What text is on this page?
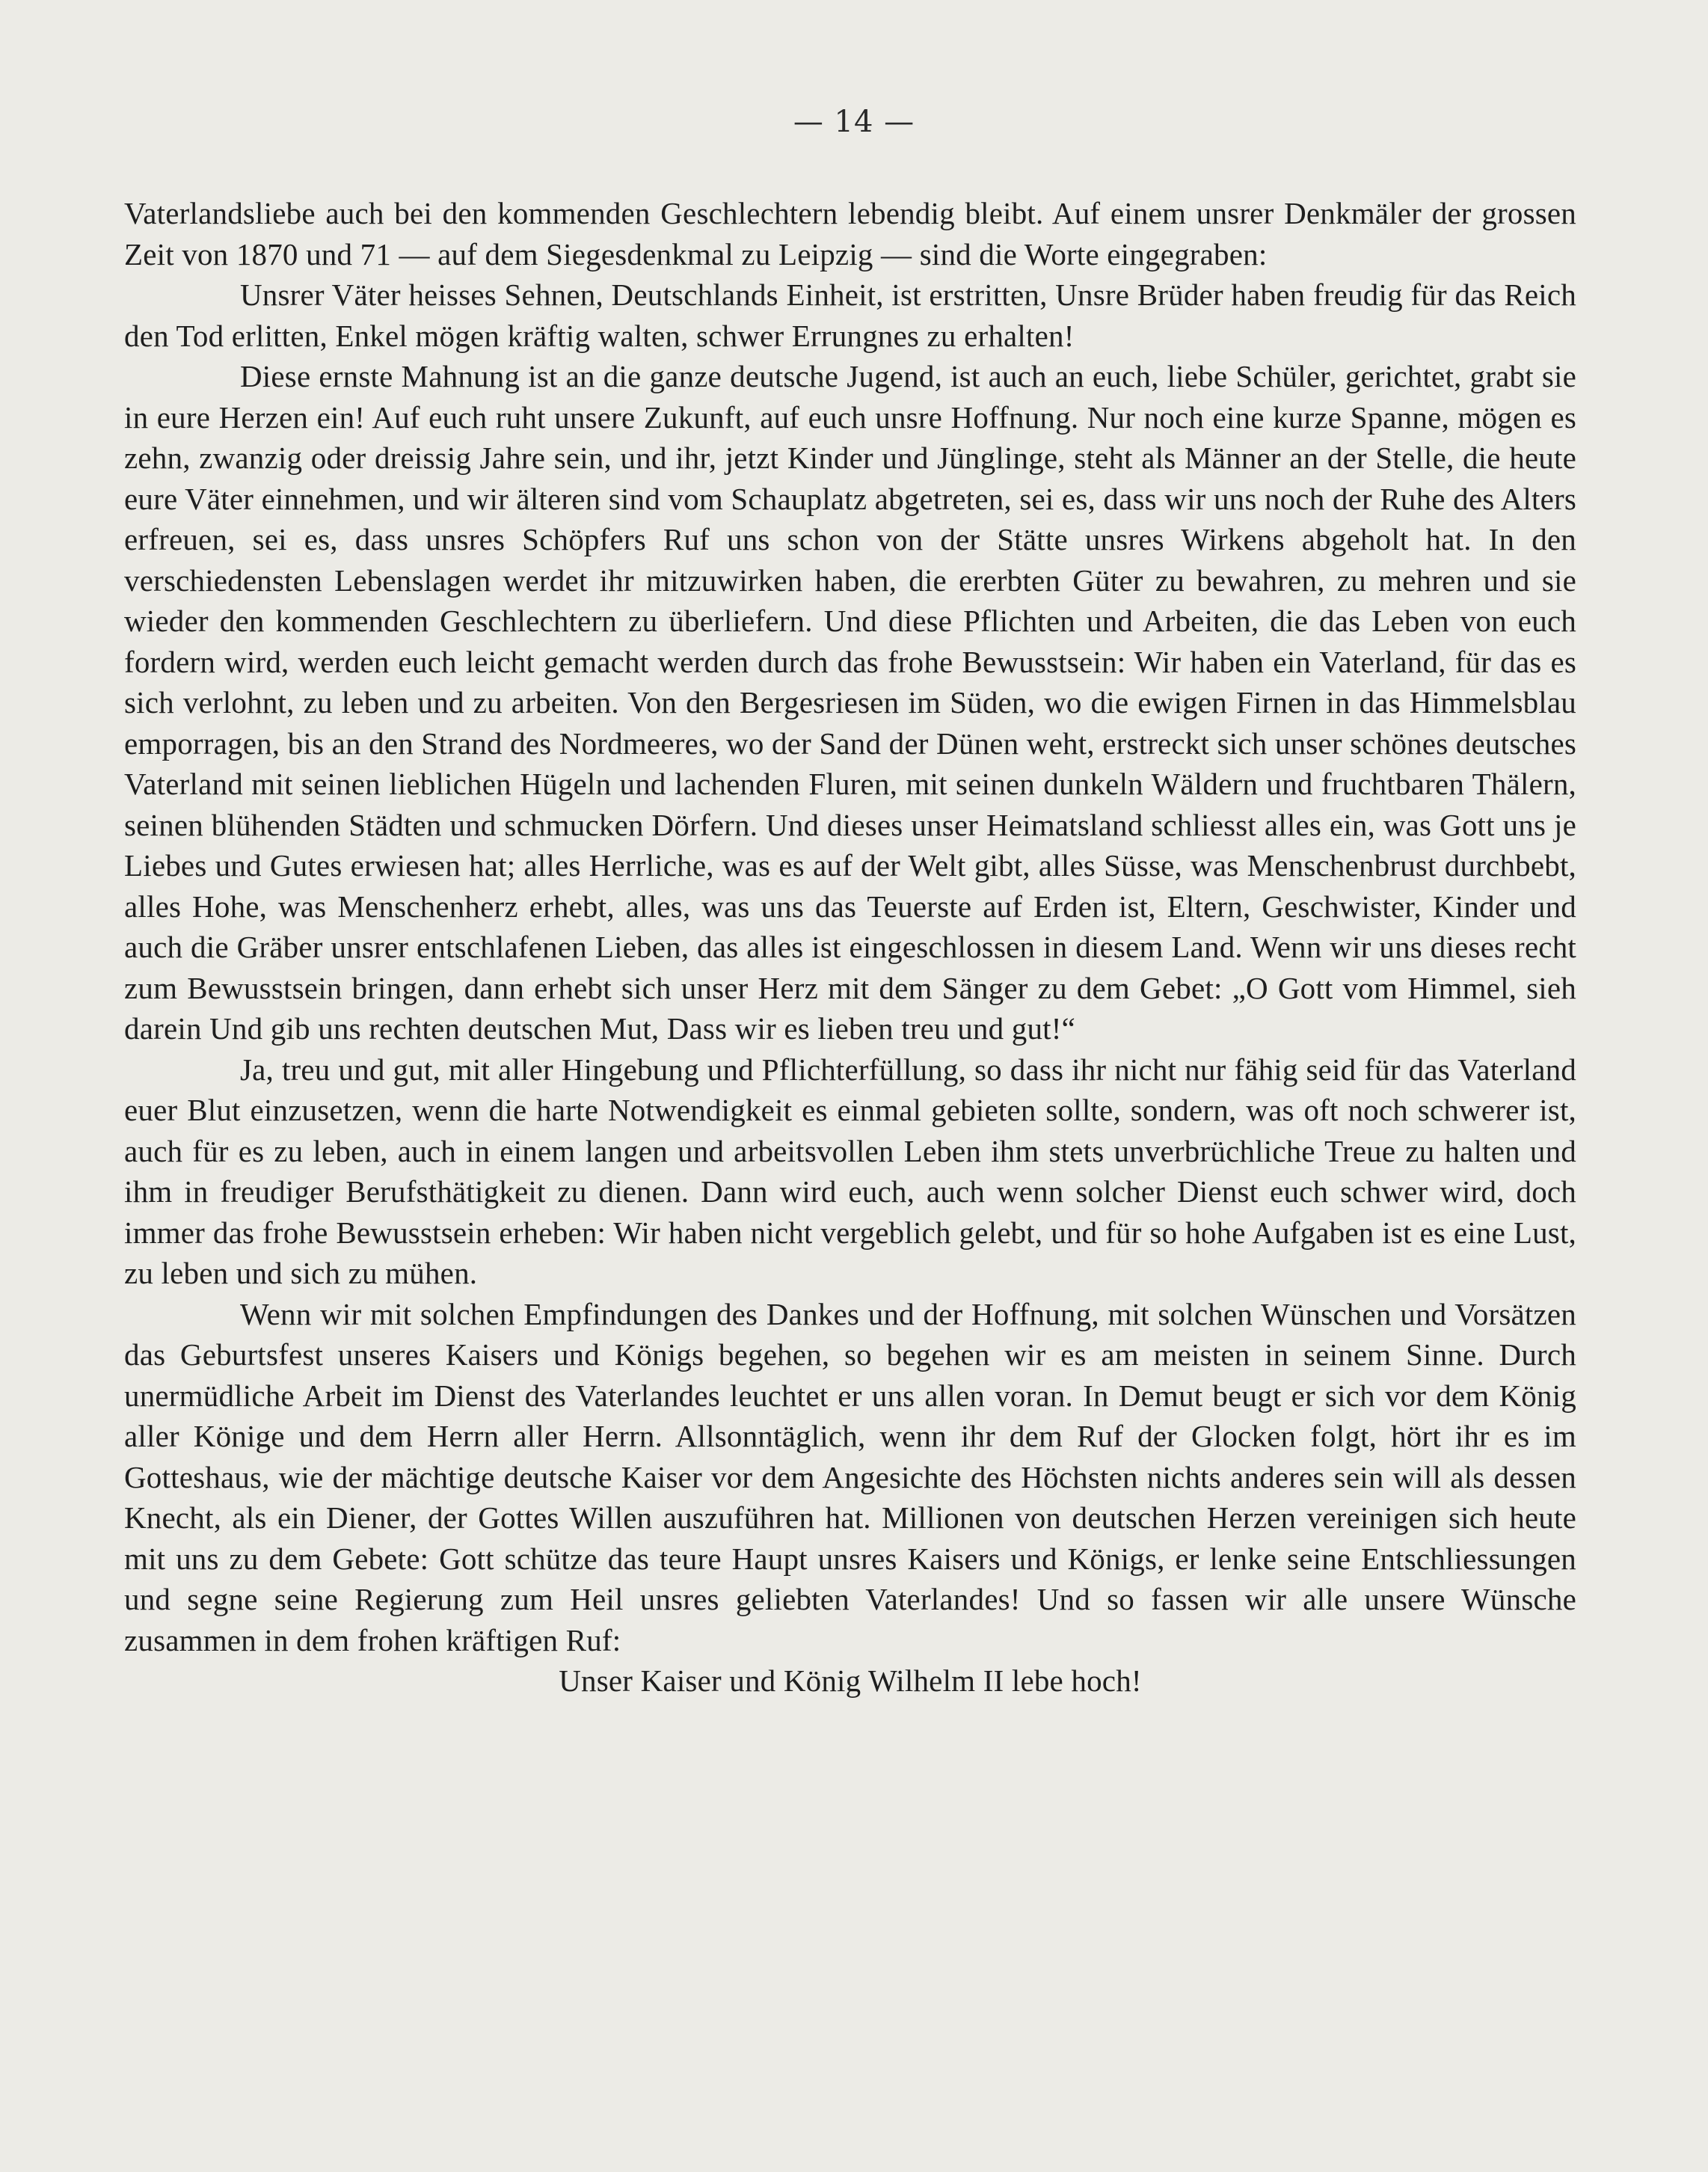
— 14 —

Vaterlandsliebe auch bei den kommenden Geschlechtern lebendig bleibt. Auf einem unsrer Denkmäler der grossen Zeit von 1870 und 71 — auf dem Siegesdenkmal zu Leipzig — sind die Worte eingegraben:

Unsrer Väter heisses Sehnen, Deutschlands Einheit, ist erstritten, Unsre Brüder haben freudig für das Reich den Tod erlitten, Enkel mögen kräftig walten, schwer Errungnes zu erhalten!

Diese ernste Mahnung ist an die ganze deutsche Jugend, ist auch an euch, liebe Schüler, gerichtet, grabt sie in eure Herzen ein! Auf euch ruht unsere Zukunft, auf euch unsre Hoffnung. Nur noch eine kurze Spanne, mögen es zehn, zwanzig oder dreissig Jahre sein, und ihr, jetzt Kinder und Jünglinge, steht als Männer an der Stelle, die heute eure Väter einnehmen, und wir älteren sind vom Schauplatz abgetreten, sei es, dass wir uns noch der Ruhe des Alters erfreuen, sei es, dass unsres Schöpfers Ruf uns schon von der Stätte unsres Wirkens abgeholt hat. In den verschiedensten Lebenslagen werdet ihr mitzuwirken haben, die ererbten Güter zu bewahren, zu mehren und sie wieder den kommenden Geschlechtern zu überliefern. Und diese Pflichten und Arbeiten, die das Leben von euch fordern wird, werden euch leicht gemacht werden durch das frohe Bewusstsein: Wir haben ein Vaterland, für das es sich verlohnt, zu leben und zu arbeiten. Von den Bergesriesen im Süden, wo die ewigen Firnen in das Himmelsblau emporragen, bis an den Strand des Nordmeeres, wo der Sand der Dünen weht, erstreckt sich unser schönes deutsches Vaterland mit seinen lieblichen Hügeln und lachenden Fluren, mit seinen dunkeln Wäldern und fruchtbaren Thälern, seinen blühenden Städten und schmucken Dörfern. Und dieses unser Heimatsland schliesst alles ein, was Gott uns je Liebes und Gutes erwiesen hat; alles Herrliche, was es auf der Welt gibt, alles Süsse, was Menschenbrust durchbebt, alles Hohe, was Menschenherz erhebt, alles, was uns das Teuerste auf Erden ist, Eltern, Geschwister, Kinder und auch die Gräber unsrer entschlafenen Lieben, das alles ist eingeschlossen in diesem Land. Wenn wir uns dieses recht zum Bewusstsein bringen, dann erhebt sich unser Herz mit dem Sänger zu dem Gebet: „O Gott vom Himmel, sieh darein Und gib uns rechten deutschen Mut, Dass wir es lieben treu und gut!“

Ja, treu und gut, mit aller Hingebung und Pflichterfüllung, so dass ihr nicht nur fähig seid für das Vaterland euer Blut einzusetzen, wenn die harte Notwendigkeit es einmal gebieten sollte, sondern, was oft noch schwerer ist, auch für es zu leben, auch in einem langen und arbeitsvollen Leben ihm stets unverbrüchliche Treue zu halten und ihm in freudiger Berufsthätigkeit zu dienen. Dann wird euch, auch wenn solcher Dienst euch schwer wird, doch immer das frohe Bewusstsein erheben: Wir haben nicht vergeblich gelebt, und für so hohe Aufgaben ist es eine Lust, zu leben und sich zu mühen.

Wenn wir mit solchen Empfindungen des Dankes und der Hoffnung, mit solchen Wünschen und Vorsätzen das Geburtsfest unseres Kaisers und Königs begehen, so begehen wir es am meisten in seinem Sinne. Durch unermüdliche Arbeit im Dienst des Vaterlandes leuchtet er uns allen voran. In Demut beugt er sich vor dem König aller Könige und dem Herrn aller Herrn. Allsonntäglich, wenn ihr dem Ruf der Glocken folgt, hört ihr es im Gotteshaus, wie der mächtige deutsche Kaiser vor dem Angesichte des Höchsten nichts anderes sein will als dessen Knecht, als ein Diener, der Gottes Willen auszuführen hat. Millionen von deutschen Herzen vereinigen sich heute mit uns zu dem Gebete: Gott schütze das teure Haupt unsres Kaisers und Königs, er lenke seine Entschliessungen und segne seine Regierung zum Heil unsres geliebten Vaterlandes! Und so fassen wir alle unsere Wünsche zusammen in dem frohen kräftigen Ruf:

Unser Kaiser und König Wilhelm II lebe hoch!
